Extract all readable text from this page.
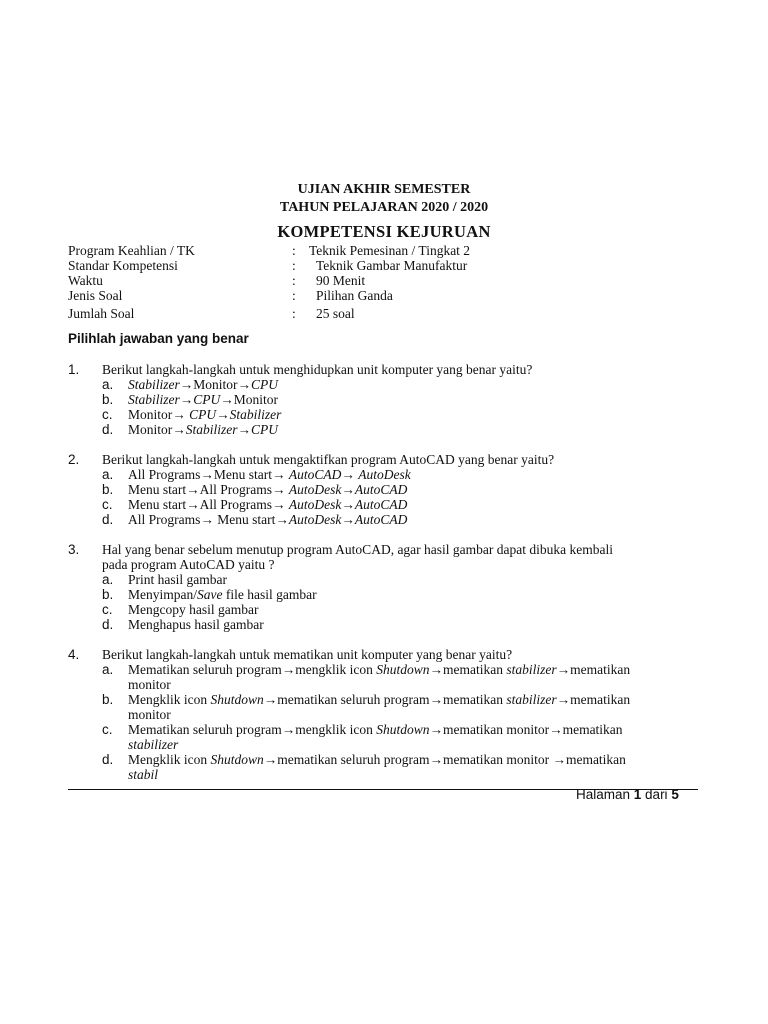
UJIAN AKHIR SEMESTER
TAHUN PELAJARAN 2020 / 2020
KOMPETENSI KEJURUAN
Program Keahlian / TK	: Teknik Pemesinan / Tingkat 2
Standar Kompetensi	: Teknik Gambar Manufaktur
Waktu	: 90 Menit
Jenis Soal	: Pilihan Ganda
Jumlah Soal	: 25 soal
Pilihlah jawaban yang benar
1. Berikut langkah-langkah untuk menghidupkan unit komputer yang benar yaitu?
a. Stabilizer→Monitor→CPU
b. Stabilizer→CPU→Monitor
c. Monitor→ CPU→Stabilizer
d. Monitor→Stabilizer→CPU
2. Berikut langkah-langkah untuk mengaktifkan program AutoCAD yang benar yaitu?
a. All Programs→Menu start→ AutoCAD→ AutoDesk
b. Menu start→All Programs→ AutoDesk→AutoCAD
c. Menu start→All Programs→ AutoDesk→AutoCAD
d. All Programs→ Menu start→AutoDesk→AutoCAD
3. Hal yang benar sebelum menutup program AutoCAD, agar hasil gambar dapat dibuka kembali
pada program AutoCAD yaitu ?
a. Print hasil gambar
b. Menyimpan/Save file hasil gambar
c. Mengcopy hasil gambar
d. Menghapus hasil gambar
4. Berikut langkah-langkah untuk mematikan unit komputer yang benar yaitu?
a. Mematikan seluruh program→mengklik icon Shutdown→mematikan stabilizer→mematikan
monitor
b. Mengklik icon Shutdown→mematikan seluruh program→mematikan stabilizer→mematikan
monitor
c. Mematikan seluruh program→mengklik icon Shutdown→mematikan monitor→mematikan
stabilizer
d. Mengklik icon Shutdown→mematikan seluruh program→mematikan monitor →mematikan
stabil
Halaman 1 dari 5
